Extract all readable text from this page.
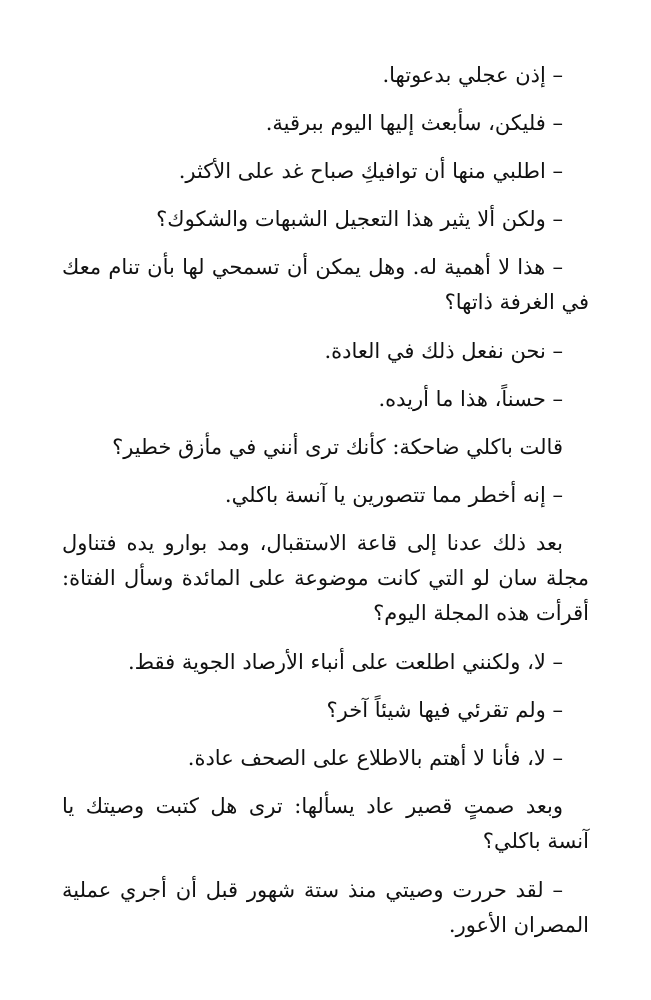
– إذن عجلي بدعوتها.

– فليكن، سأبعث إليها اليوم ببرقية.

– اطلبي منها أن توافيكِ صباح غد على الأكثر.

– ولكن ألا يثير هذا التعجيل الشبهات والشكوك؟

– هذا لا أهمية له. وهل يمكن أن تسمحي لها بأن تنام معك في الغرفة ذاتها؟

– نحن نفعل ذلك في العادة.

– حسناً، هذا ما أريده.

قالت باكلي ضاحكة: كأنك ترى أنني في مأزق خطير؟

– إنه أخطر مما تتصورين يا آنسة باكلي.

بعد ذلك عدنا إلى قاعة الاستقبال، ومد بوارو يده فتناول مجلة سان لو التي كانت موضوعة على المائدة وسأل الفتاة: أقرأت هذه المجلة اليوم؟

– لا، ولكنني اطلعت على أنباء الأرصاد الجوية فقط.

– ولم تقرئي فيها شيئاً آخر؟

– لا، فأنا لا أهتم بالاطلاع على الصحف عادة.

وبعد صمتٍ قصير عاد يسألها: ترى هل كتبت وصيتك يا آنسة باكلي؟

– لقد حررت وصيتي منذ ستة شهور قبل أن أجري عملية المصران الأعور.
